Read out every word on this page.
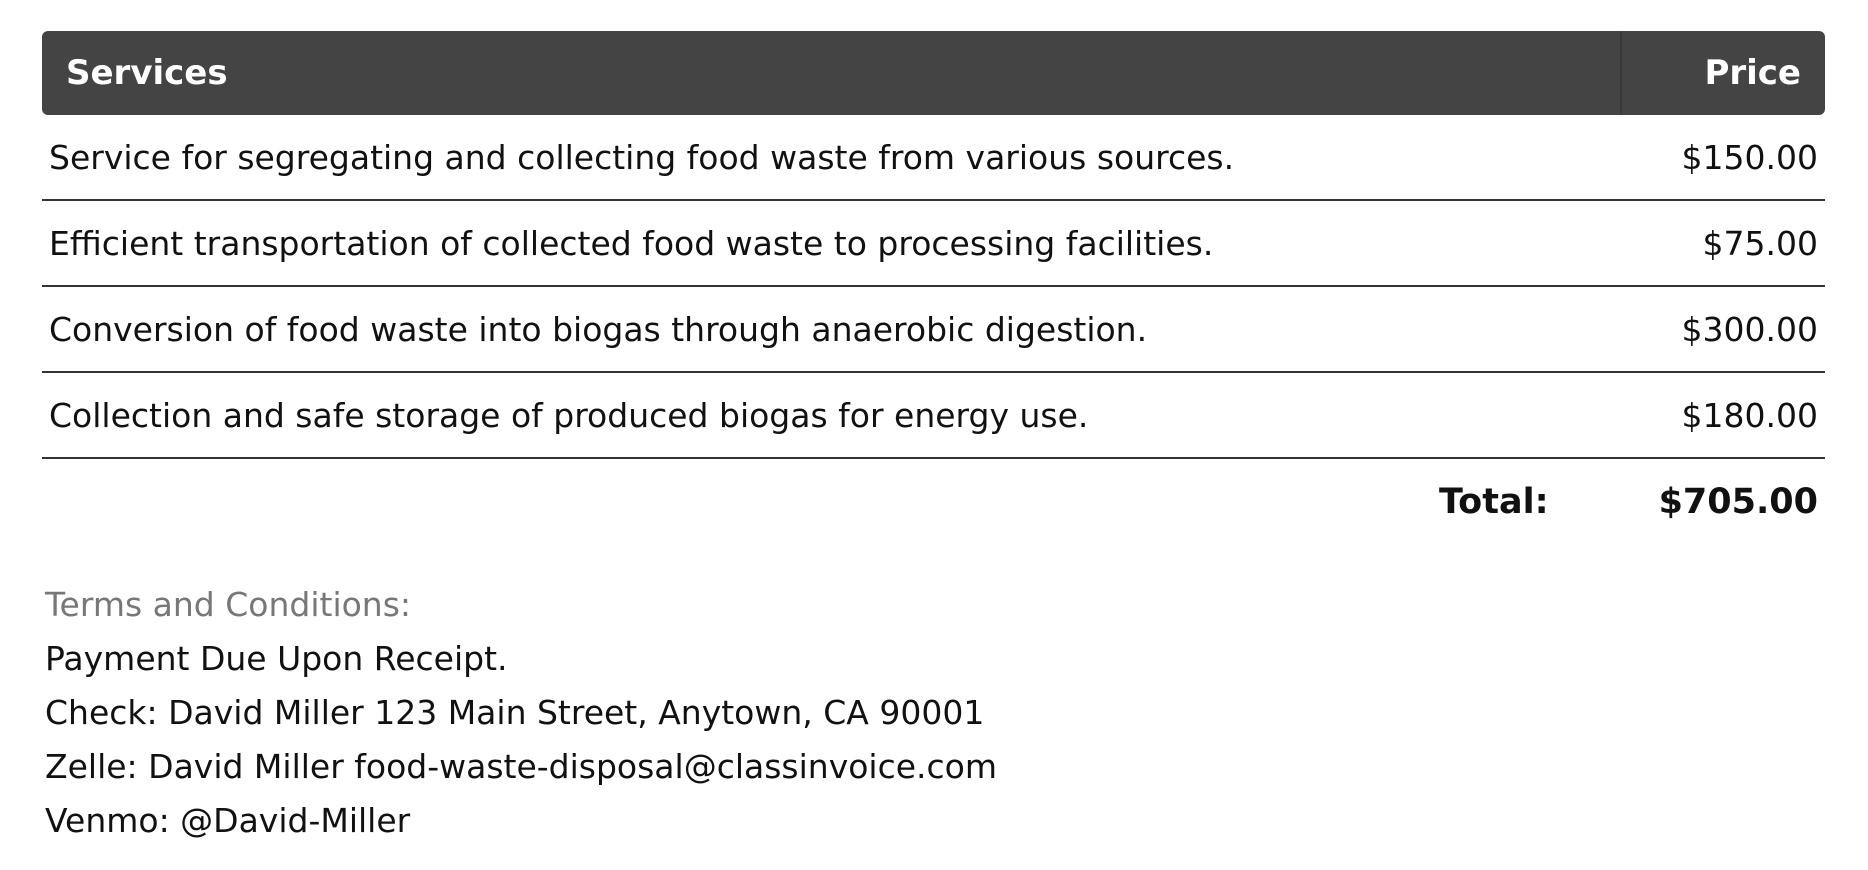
Services	Price
Service for segregating and collecting food waste from various sources.	$150.00
Efficient transportation of collected food waste to processing facilities.	$75.00
Conversion of food waste into biogas through anaerobic digestion.	$300.00
Collection and safe storage of produced biogas for energy use.	$180.00
Total:	$705.00
Terms and Conditions:
Payment Due Upon Receipt.
Check: David Miller 123 Main Street, Anytown, CA 90001
Zelle: David Miller food-waste-disposal@classinvoice.com
Venmo: @David-Miller
